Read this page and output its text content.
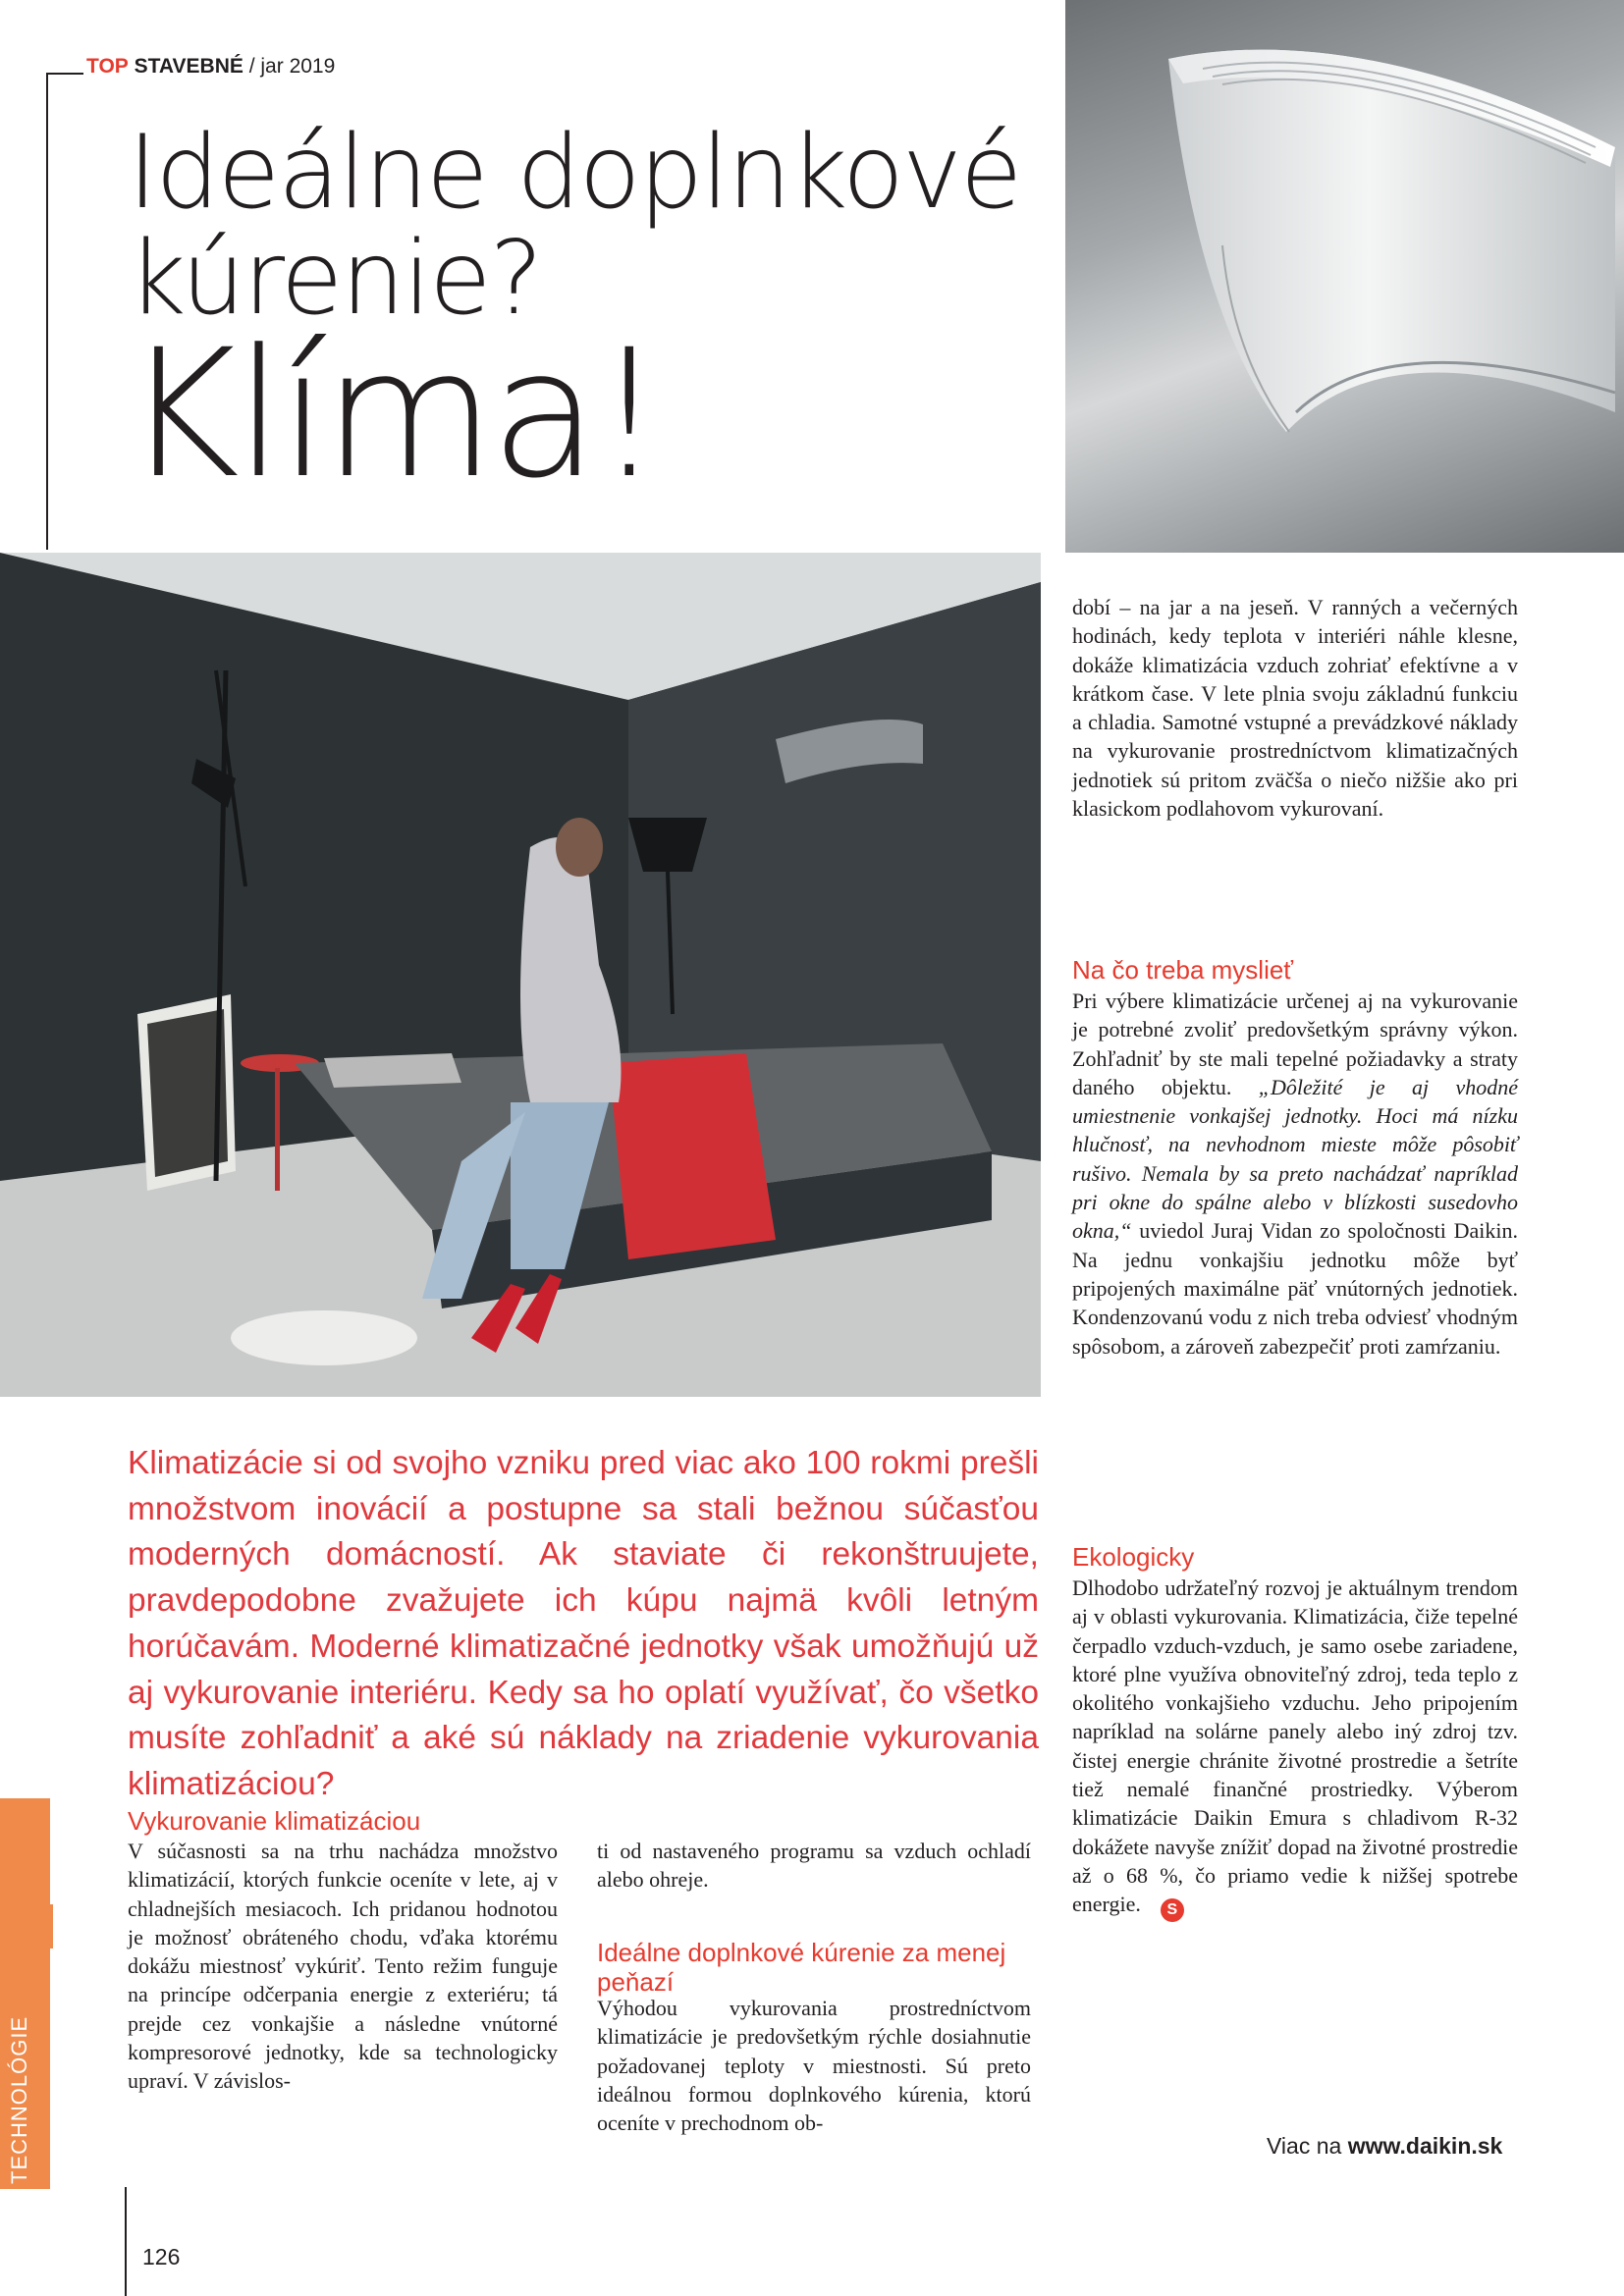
TOP STAVEBNÉ / jar 2019
Ideálne doplnkové
kúrenie?
Klíma!
TECHNOLÓGIE

Klimatizácie si od svojho vzniku pred viac ako 100 rokmi prešli množstvom inovácií a postupne sa stali bežnou súčasťou moderných domácností. Ak staviate či rekonštruujete, pravdepodobne zvažujete ich kúpu najmä kvôli letným horúčavám. Moderné klimatizačné jednotky však umožňujú už aj vykurovanie interiéru. Kedy sa ho oplatí využívať, čo všetko musíte zohľadniť a aké sú náklady na zriadenie vykurovania klimatizáciou?

Vykurovanie klimatizáciou

V súčasnosti sa na trhu nachádza množstvo klimatizácií, ktorých funkcie oceníte v lete, aj v chladnejších mesiacoch. Ich pridanou hodnotou je možnosť obráteného chodu, vďaka ktorému dokážu miestnosť vykúriť. Tento režim funguje na princípe odčerpania energie z exteriéru; tá prejde cez vonkajšie a následne vnútorné kompresorové jednotky, kde sa technologicky upraví. V závislos-

ti od nastaveného programu sa vzduch ochladí alebo ohreje.

Ideálne doplnkové kúrenie za menej peňazí

Výhodou vykurovania prostredníctvom klimatizácie je predovšetkým rýchle dosiahnutie požadovanej teploty v miestnosti. Sú preto ideálnou formou doplnkového kúrenia, ktorú oceníte v prechodnom ob-

dobí – na jar a na jeseň. V ranných a večerných hodinách, kedy teplota v interiéri náhle klesne, dokáže klimatizácia vzduch zohriať efektívne a v krátkom čase. V lete plnia svoju základnú funkciu a chladia. Samotné vstupné a prevádzkové náklady na vykurovanie prostredníctvom klimatizačných jednotiek sú pritom zväčša o niečo nižšie ako pri klasickom podlahovom vykurovaní.

Na čo treba myslieť

Pri výbere klimatizácie určenej aj na vykurovanie je potrebné zvoliť predovšetkým správny výkon. Zohľadniť by ste mali tepelné požiadavky a straty daného objektu. „Dôležité je aj vhodné umiestnenie vonkajšej jednotky. Hoci má nízku hlučnosť, na nevhodnom mieste môže pôsobiť rušivo. Nemala by sa preto nachádzať napríklad pri okne do spálne alebo v blízkosti susedovho okna,“ uviedol Juraj Vidan zo spoločnosti Daikin. Na jednu vonkajšiu jednotku môže byť pripojených maximálne päť vnútorných jednotiek. Kondenzovanú vodu z nich treba odviesť vhodným spôsobom, a zároveň zabezpečiť proti zamŕzaniu.

Ekologicky

Dlhodobo udržateľný rozvoj je aktuálnym trendom aj v oblasti vykurovania. Klimatizácia, čiže tepelné čerpadlo vzduch-vzduch, je samo osebe zariadene, ktoré plne využíva obnoviteľný zdroj, teda teplo z okolitého vonkajšieho vzduchu. Jeho pripojením napríklad na solárne panely alebo iný zdroj tzv. čistej energie chránite životné prostredie a šetríte tiež nemalé finančné prostriedky. Výberom klimatizácie Daikin Emura s chladivom R-32 dokážete navyše znížiť dopad na životné prostredie až o 68 %, čo priamo vedie k nižšej spotrebe energie. S

Viac na www.daikin.sk
126
